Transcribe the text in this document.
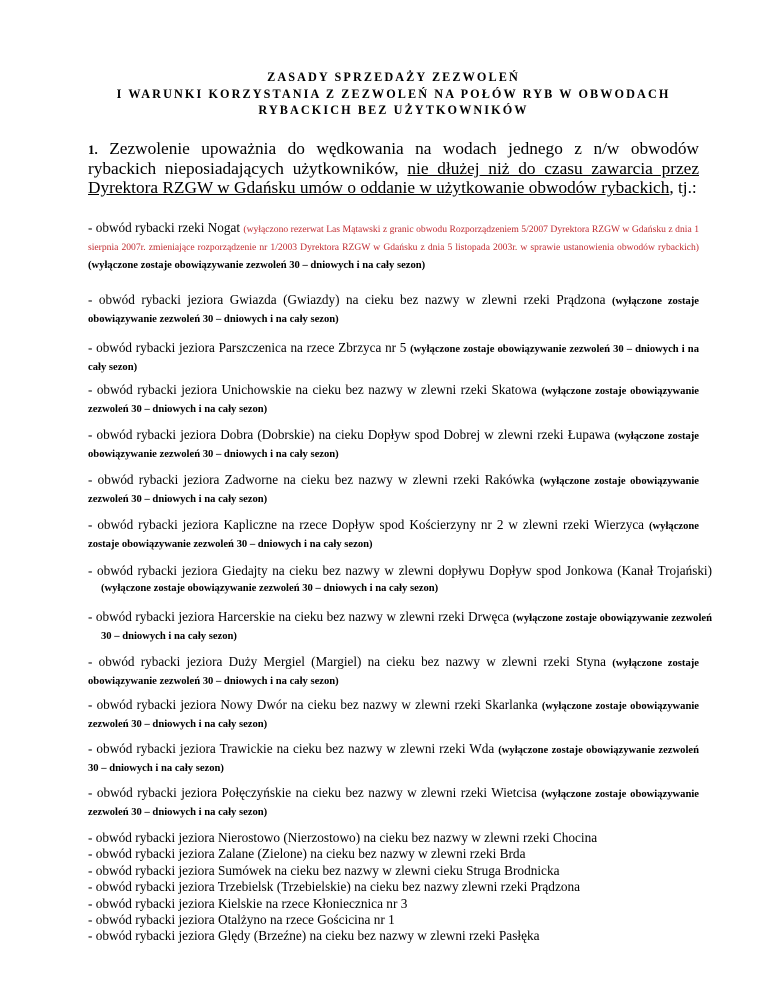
ZASADY SPRZEDAŻY ZEZWOLEŃ
I WARUNKI KORZYSTANIA Z ZEZWOLEŃ NA POŁÓW RYB W OBWODACH
RYBACKICH BEZ UŻYTKOWNIKÓW
1. Zezwolenie upoważnia do wędkowania na wodach jednego z n/w obwodów rybackich nieposiadających użytkowników, nie dłużej niż do czasu zawarcia przez Dyrektora RZGW w Gdańsku umów o oddanie w użytkowanie obwodów rybackich, tj.:
- obwód rybacki rzeki Nogat (wyłączono rezerwat Las Mątawski z granic obwodu Rozporządzeniem 5/2007 Dyrektora RZGW w Gdańsku z dnia 1 sierpnia 2007r. zmieniające rozporządzenie nr 1/2003 Dyrektora RZGW w Gdańsku z dnia 5 listopada 2003r. w sprawie ustanowienia obwodów rybackich) (wyłączone zostaje obowiązywanie zezwoleń 30 – dniowych i na cały sezon)
- obwód rybacki jeziora Gwiazda (Gwiazdy) na cieku bez nazwy w zlewni rzeki Prądzona (wyłączone zostaje obowiązywanie zezwoleń 30 – dniowych i na cały sezon)
- obwód rybacki jeziora Parszczenica na rzece Zbrzyca nr 5 (wyłączone zostaje obowiązywanie zezwoleń 30 – dniowych i na cały sezon)
- obwód rybacki jeziora Unichowskie na cieku bez nazwy w zlewni rzeki Skatowa (wyłączone zostaje obowiązywanie zezwoleń 30 – dniowych i na cały sezon)
- obwód rybacki jeziora Dobra (Dobrskie) na cieku Dopływ spod Dobrej w zlewni rzeki Łupawa (wyłączone zostaje obowiązywanie zezwoleń 30 – dniowych i na cały sezon)
- obwód rybacki jeziora Zadworne na cieku bez nazwy w zlewni rzeki Rakówka (wyłączone zostaje obowiązywanie zezwoleń 30 – dniowych i na cały sezon)
- obwód rybacki jeziora Kapliczne na rzece Dopływ spod Kościerzyny nr 2 w zlewni rzeki Wierzyca (wyłączone zostaje obowiązywanie zezwoleń 30 – dniowych i na cały sezon)
- obwód rybacki jeziora Giedajty na cieku bez nazwy w zlewni dopływu Dopływ spod Jonkowa (Kanał Trojański) (wyłączone zostaje obowiązywanie zezwoleń 30 – dniowych i na cały sezon)
- obwód rybacki jeziora Harcerskie na cieku bez nazwy w zlewni rzeki Drwęca (wyłączone zostaje obowiązywanie zezwoleń 30 – dniowych i na cały sezon)
- obwód rybacki jeziora Duży Mergiel (Margiel) na cieku bez nazwy w zlewni rzeki Styna (wyłączone zostaje obowiązywanie zezwoleń 30 – dniowych i na cały sezon)
- obwód rybacki jeziora Nowy Dwór na cieku bez nazwy w zlewni rzeki Skarlanka (wyłączone zostaje obowiązywanie zezwoleń 30 – dniowych i na cały sezon)
- obwód rybacki jeziora Trawickie na cieku bez nazwy w zlewni rzeki Wda (wyłączone zostaje obowiązywanie zezwoleń 30 – dniowych i na cały sezon)
- obwód rybacki jeziora Połęczyńskie na cieku bez nazwy w zlewni rzeki Wietcisa (wyłączone zostaje obowiązywanie zezwoleń 30 – dniowych i na cały sezon)
- obwód rybacki jeziora Nierostowo (Nierzostowo) na cieku bez nazwy w zlewni rzeki Chocina
- obwód rybacki jeziora Zalane (Zielone) na cieku bez nazwy w zlewni rzeki Brda
- obwód rybacki jeziora Sumówek na cieku bez nazwy w zlewni cieku Struga Brodnicka
- obwód rybacki jeziora Trzebielsk (Trzebielskie) na cieku bez nazwy zlewni rzeki Prądzona
- obwód rybacki jeziora Kielskie na rzece Kłoniecznica nr 3
- obwód rybacki jeziora Otalżyno na rzece Gościcina nr 1
- obwód rybacki jeziora Ględy (Brzeźne) na cieku bez nazwy w zlewni rzeki Pasłęka
